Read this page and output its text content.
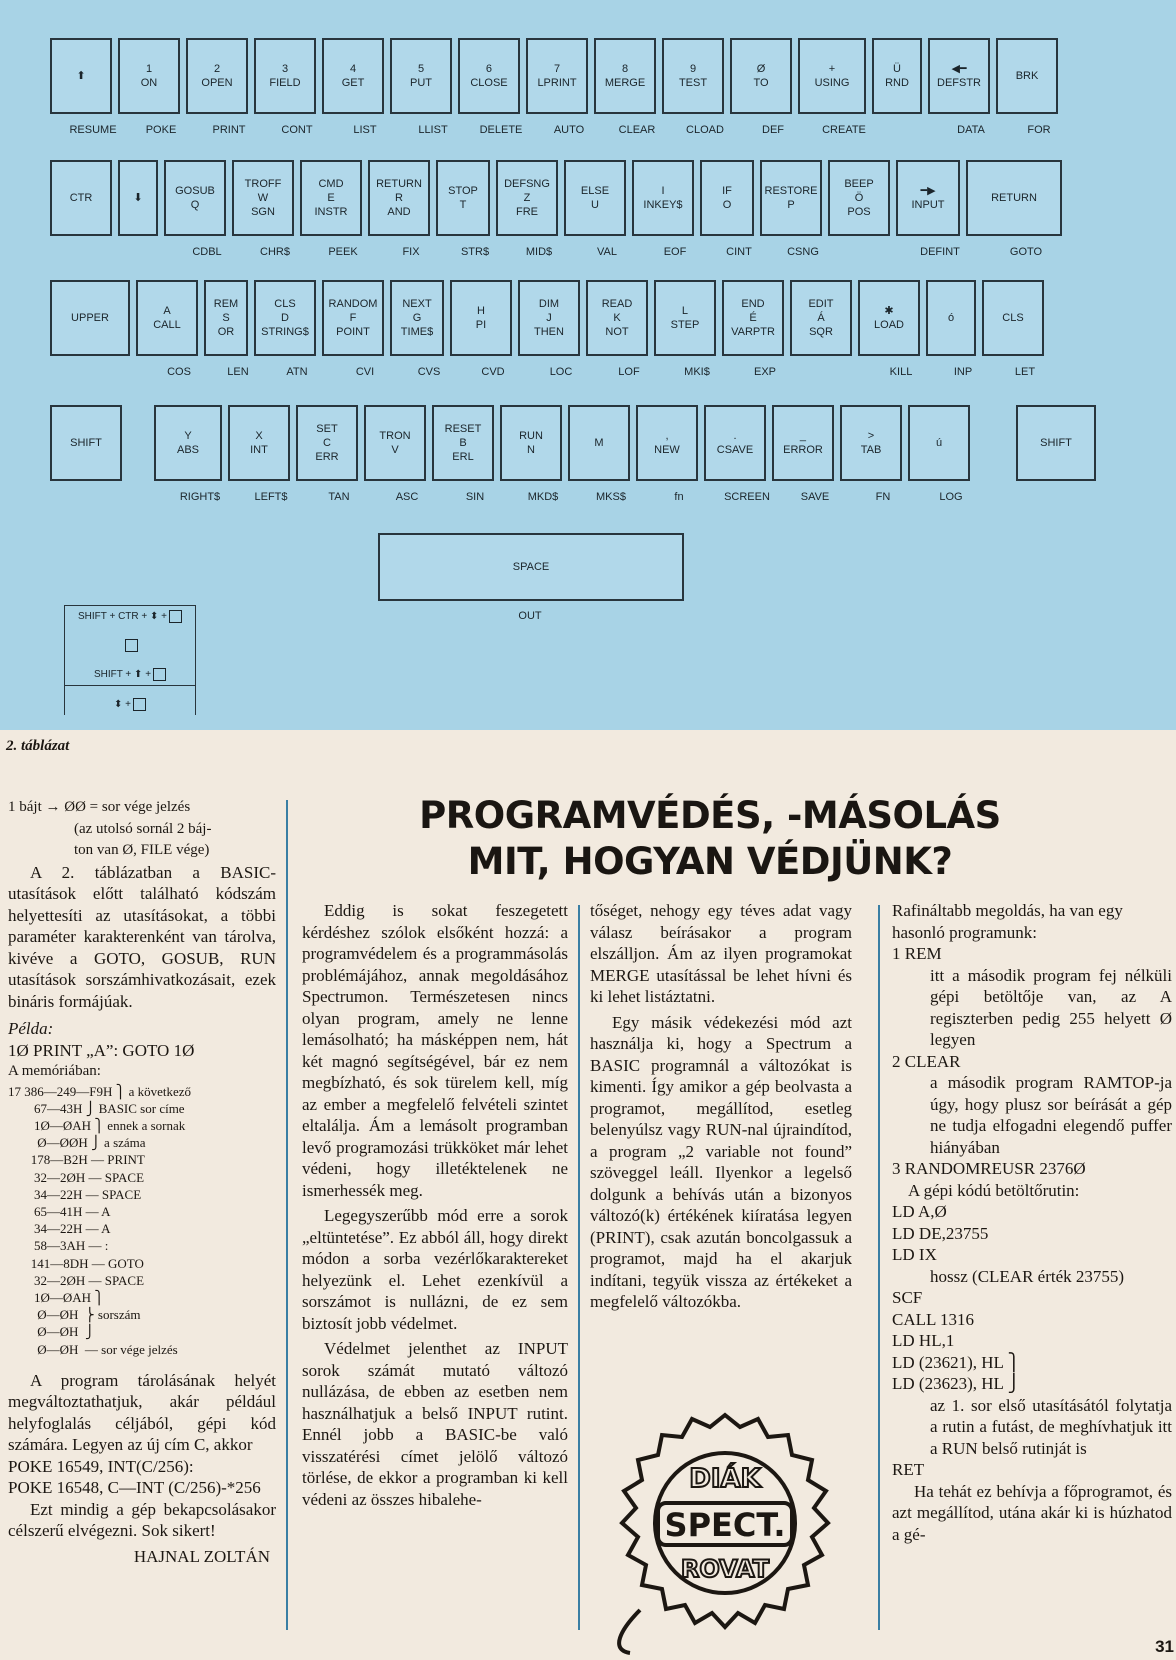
⬆
RESUME
1
ON
POKE
2
OPEN
PRINT
3
FIELD
CONT
4
GET
LIST
5
PUT
LLIST
6
CLOSE
DELETE
7
LPRINT
AUTO
8
MERGE
CLEAR
9
TEST
CLOAD
Ø
TO
DEF
+
USING
CREATE
Ü
RND
◀━
DEFSTR
DATA
BRK
FOR
CTR	⬇
GOSUB
Q
CDBL
TROFF
W
SGN
CHR$
CMD
E
INSTR
PEEK
RETURN
R
AND
FIX
STOP
T
STR$
DEFSNG
Z
FRE
MID$
ELSE
U
VAL
I
INKEY$
EOF
IF
O
CINT
RESTORE
P
CSNG
BEEP
Ö
POS
━▶
INPUT
DEFINT
RETURN
GOTO
UPPER
A
CALL
COS
REM
S
OR
LEN
CLS
D
STRING$
ATN
RANDOM
F
POINT
CVI
NEXT
G
TIME$
CVS
H
PI
CVD
DIM
J
THEN
LOC
READ
K
NOT
LOF
L
STEP
MKI$
END
É
VARPTR
EXP
EDIT
Á
SQR
✱
LOAD
KILL
ó
INP
CLS
LET
SHIFT
Y
ABS
RIGHT$
X
INT
LEFT$
SET
C
ERR
TAN
TRON
V
ASC
RESET
B
ERL
SIN
RUN
N
MKD$
M
MKS$
,
NEW
fn
.
CSAVE
SCREEN
_
ERROR
SAVE
>
TAB
FN
ú
LOG
SHIFT
SPACE
OUT
SHIFT + CTR + ⬍ +
SHIFT + ⬆ +
⬍ +
2. táblázat
PROGRAMVÉDÉS, -MÁSOLÁS
MIT, HOGYAN VÉDJÜNK?

1 bájt → ØØ = sor vége jelzés

(az utolsó sornál 2 báj-

ton van Ø, FILE vége)

A 2. táblázatban a BASIC-utasítások előtt található kódszám helyettesíti az utasításokat, a többi paraméter karakterenként van tárolva, kivéve a GOTO, GOSUB, RUN utasítások sorszámhivatkozásait, ezek bináris formájúak.

Példa:

1Ø PRINT „A”: GOTO 1Ø

A memóriában:

17 386—249—F9H ⎫ a következő
67—43H ⎭ BASIC sor címe
1Ø—ØAH ⎫ ennek a sornak
Ø—ØØH ⎭ a száma
178—B2H — PRINT
32—2ØH — SPACE
34—22H — SPACE
65—41H — A
34—22H — A
58—3AH — :
141—8DH — GOTO
32—2ØH — SPACE
1Ø—ØAH ⎫
Ø—ØH  ⎬ sorszám
Ø—ØH  ⎭
Ø—ØH  — sor vége jelzés

A program tárolásának helyét megváltoztathatjuk, akár például helyfoglalás céljából, gépi kód számára. Legyen az új cím C, akkor

POKE 16549, INT(C/256):

POKE 16548, C—INT (C/256)-*256

Ezt mindig a gép bekapcsolásakor célszerű elvégezni. Sok sikert!

HAJNAL ZOLTÁN

Eddig is sokat feszegetett kérdéshez szólok elsőként hozzá: a programvédelem és a programmásolás problémájához, annak megoldásához Spectrumon. Természetesen nincs olyan program, amely ne lenne lemásolható; ha másképpen nem, hát két magnó segítségével, bár ez nem megbízható, és sok türelem kell, míg az ember a megfelelő felvételi szintet eltalálja. Ám a lemásolt programban levő programozási trükköket már lehet védeni, hogy illetéktelenek ne ismerhessék meg.

Legegyszerűbb mód erre a sorok „eltüntetése”. Ez abból áll, hogy direkt módon a sorba vezérlőkaraktereket helyezünk el. Lehet ezenkívül a sorszámot is nullázni, de ez sem biztosít jobb védelmet.

Védelmet jelenthet az INPUT sorok számát mutató változó nullázása, de ebben az esetben nem használhatjuk a belső INPUT rutint. Ennél jobb a BASIC-be való visszatérési címet jelölő változó törlése, de ekkor a programban ki kell védeni az összes hibalehe-

tőséget, nehogy egy téves adat vagy válasz beírásakor a program elszálljon. Ám az ilyen programokat MERGE utasítással be lehet hívni és ki lehet listáztatni.

Egy másik védekezési mód azt használja ki, hogy a Spectrum a BASIC programnál a változókat is kimenti. Így amikor a gép beolvasta a programot, megállítod, esetleg belenyúlsz vagy RUN-nal újraindítod, a program „2 variable not found” szöveggel leáll. Ilyenkor a legelső dolgunk a behívás után a bizonyos változó(k) értékének kiíratása legyen (PRINT), csak azután boncolgassuk a programot, majd ha el akarjuk indítani, tegyük vissza az értékeket a megfelelő változókba.

DIÁK
SPECT.
ROVAT

Rafináltabb megoldás, ha van egy hasonló programunk:

1 REM

itt a második program fej nélküli gépi betöltője van, az A regiszterben pedig 255 helyett Ø legyen

2 CLEAR

a második program RAMTOP-ja úgy, hogy plusz sor beírását a gép ne tudja elfogadni elegendő puffer hiányában

3 RANDOMREUSR 2376Ø

A gépi kódú betöltőrutin:

LD A,Ø

LD DE,23755

LD IX

hossz (CLEAR érték 23755)

SCF

CALL 1316

LD HL,1

LD (23621), HL ⎫

LD (23623), HL ⎭

az 1. sor első utasításától folytatja a rutin a futást, de meghívhatjuk itt a RUN belső rutinját is

RET

Ha tehát ez behívja a főprogramot, és azt megállítod, utána akár ki is húzhatod a gé-

31
